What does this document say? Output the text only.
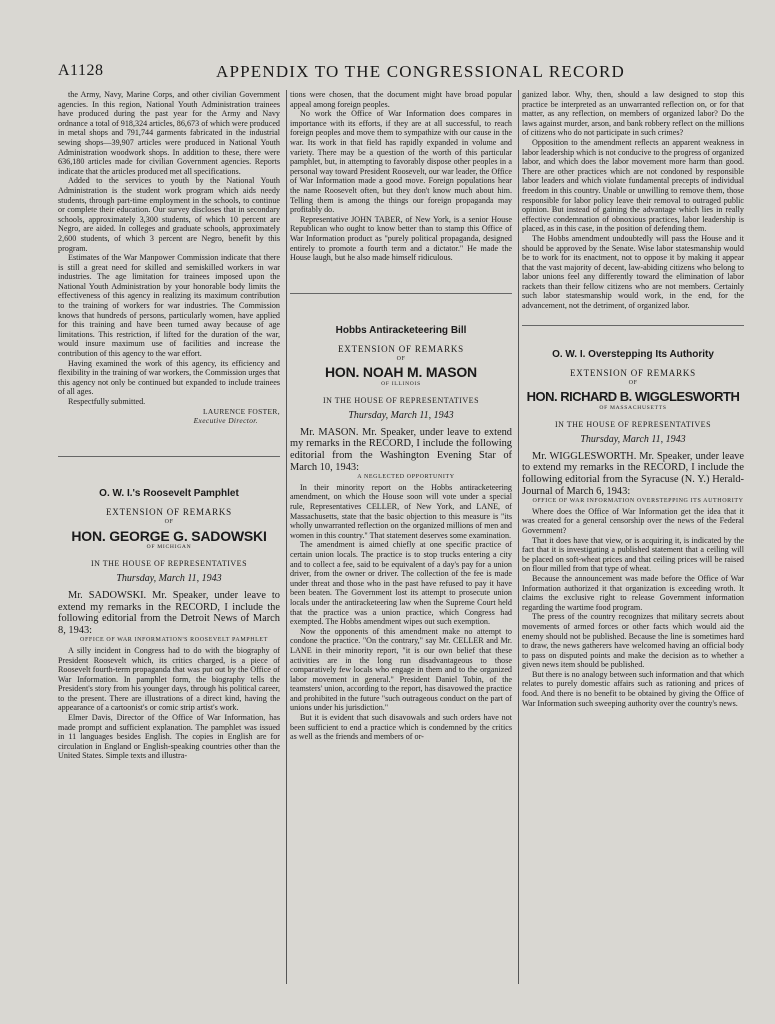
A1128	APPENDIX TO THE CONGRESSIONAL RECORD

the Army, Navy, Marine Corps, and other civilian Government agencies. In this region, National Youth Administration trainees have produced during the past year for the Army and Navy ordnance a total of 918,324 articles, 86,673 of which were produced in metal shops and 791,744 garments fabricated in the industrial sewing shops—39,907 articles were produced in National Youth Administration woodwork shops. In addition to these, there were 636,180 articles made for civilian Government agencies. Reports indicate that the articles produced met all specifications.

Added to the services to youth by the National Youth Administration is the student work program which aids needy students, through part-time employment in the schools, to continue or complete their education. Our survey discloses that in secondary schools, approximately 3,300 students, of which 10 percent are Negro, are aided. In colleges and graduate schools, approximately 2,600 students, of which 3 percent are Negro, benefit by this program.

Estimates of the War Manpower Commission indicate that there is still a great need for skilled and semiskilled workers in war industries. The age limitation for trainees imposed upon the National Youth Administration by your honorable body limits the effectiveness of this agency in realizing its maximum contribution to the training of workers for war industries. The Commission knows that hundreds of persons, particularly women, have applied for this training and have been turned away because of age limitations. This restriction, if lifted for the duration of the war, would insure maximum use of facilities and increase the contribution of this agency to the war effort.

Having examined the work of this agency, its efficiency and flexibility in the training of war workers, the Commission urges that this agency not only be continued but expanded to include trainees of all ages.

Respectfully submitted.

LAURENCE FOSTER,

Executive Director.

O. W. I.'s Roosevelt Pamphlet
EXTENSION OF REMARKS
OF
HON. GEORGE G. SADOWSKI
OF MICHIGAN
IN THE HOUSE OF REPRESENTATIVES
Thursday, March 11, 1943

Mr. SADOWSKI. Mr. Speaker, under leave to extend my remarks in the RECORD, I include the following editorial from the Detroit News of March 8, 1943:

OFFICE OF WAR INFORMATION'S ROOSEVELT PAMPHLET

A silly incident in Congress had to do with the biography of President Roosevelt which, its critics charged, is a piece of Roosevelt fourth-term propaganda that was put out by the Office of War Information. In pamphlet form, the biography tells the President's story from his younger days, through his political career, to the present. There are illustrations of a direct kind, having the appearance of a cartoonist's or comic strip artist's work.

Elmer Davis, Director of the Office of War Information, has made prompt and sufficient explanation. The pamphlet was issued in 11 languages besides English. The copies in English are for circulation in England or English-speaking countries other than the United States. Simple texts and illustra-

tions were chosen, that the document might have broad popular appeal among foreign peoples.

No work the Office of War Information does compares in importance with its efforts, if they are at all successful, to reach foreign peoples and move them to sympathize with our cause in the war. Its work in that field has rapidly expanded in volume and variety. There may be a question of the worth of this particular pamphlet, but, in attempting to favorably dispose other peoples in a personal way toward President Roosevelt, our war leader, the Office of War Information made a good move. Foreign populations hear the name Roosevelt often, but they don't know much about him. Telling them is among the things our foreign propaganda may profitably do.

Representative JOHN TABER, of New York, is a senior House Republican who ought to know better than to stamp this Office of War Information product as "purely political propaganda, designed entirely to promote a fourth term and a dictator." He made the House laugh, but he also made himself ridiculous.

Hobbs Antiracketeering Bill
EXTENSION OF REMARKS
OF
HON. NOAH M. MASON
OF ILLINOIS
IN THE HOUSE OF REPRESENTATIVES
Thursday, March 11, 1943

Mr. MASON. Mr. Speaker, under leave to extend my remarks in the RECORD, I include the following editorial from the Washington Evening Star of March 10, 1943:

A NEGLECTED OPPORTUNITY

In their minority report on the Hobbs antiracketeering amendment, on which the House soon will vote under a special rule, Representatives CELLER, of New York, and LANE, of Massachusetts, state that the basic objection to this measure is "its wholly unwarranted reflection on the organized millions of men and women in this country." That statement deserves some examination.

The amendment is aimed chiefly at one specific practice of certain union locals. The practice is to stop trucks entering a city and to collect a fee, said to be equivalent of a day's pay for a union driver, from the owner or driver. The collection of the fee is made under threat and those who in the past have refused to pay it have been beaten. The Government lost its attempt to prosecute union locals under the antiracketeering law when the Supreme Court held that the practice was a union practice, which Congress had exempted. The Hobbs amendment wipes out such exemption.

Now the opponents of this amendment make no attempt to condone the practice. "On the contrary," say Mr. CELLER and Mr. LANE in their minority report, "it is our own belief that these activities are in the long run disadvantageous to those comparatively few locals who engage in them and to the organized labor movement in general." President Daniel Tobin, of the teamsters' union, according to the report, has disavowed the practice and prohibited in the future "such outrageous conduct on the part of unions under his jurisdiction."

But it is evident that such disavowals and such orders have not been sufficient to end a practice which is condemned by the critics as well as the friends and members of or-

ganized labor. Why, then, should a law designed to stop this practice be interpreted as an unwarranted reflection on, or for that matter, as any reflection, on members of organized labor? Do the laws against murder, arson, and bank robbery reflect on the millions of citizens who do not participate in such crimes?

Opposition to the amendment reflects an apparent weakness in labor leadership which is not conducive to the progress of organized labor, and which does the labor movement more harm than good. There are other practices which are not condoned by responsible labor leaders and which violate fundamental precepts of individual freedom in this country. Unable or unwilling to remove them, those responsible for labor policy leave their removal to outraged public opinion. But instead of gaining the advantage which lies in really effective condemnation of obnoxious practices, labor leadership is placed, as in this case, in the position of defending them.

The Hobbs amendment undoubtedly will pass the House and it should be approved by the Senate. Wise labor statesmanship would be to work for its enactment, not to oppose it by making it appear that the vast majority of decent, law-abiding citizens who belong to labor unions feel any differently toward the elimination of labor rackets than their fellow citizens who are not members. Certainly such labor statesmanship would work, in the end, for the advancement, not the detriment, of organized labor.

O. W. I. Overstepping Its Authority
EXTENSION OF REMARKS
OF
HON. RICHARD B. WIGGLESWORTH
OF MASSACHUSETTS
IN THE HOUSE OF REPRESENTATIVES
Thursday, March 11, 1943

Mr. WIGGLESWORTH. Mr. Speaker, under leave to extend my remarks in the RECORD, I include the following editorial from the Syracuse (N. Y.) Herald-Journal of March 6, 1943:

OFFICE OF WAR INFORMATION OVERSTEPPING ITS AUTHORITY

Where does the Office of War Information get the idea that it was created for a general censorship over the news of the Federal Government?

That it does have that view, or is acquiring it, is indicated by the fact that it is investigating a published statement that a ceiling will be placed on soft-wheat prices and that ceiling prices will be raised on flour milled from that type of wheat.

Because the announcement was made before the Office of War Information authorized it that organization is exceeding wroth. It claims the exclusive right to release Government information regarding the wartime food program.

The press of the country recognizes that military secrets about movements of armed forces or other facts which would aid the enemy should not be published. Because the line is sometimes hard to draw, the news gatherers have welcomed having an official body to pass on disputed points and make the decision as to whether a given news item should be published.

But there is no analogy between such information and that which relates to purely domestic affairs such as rationing and prices of food. And there is no benefit to be obtained by giving the Office of War Information such sweeping authority over the country's news.
